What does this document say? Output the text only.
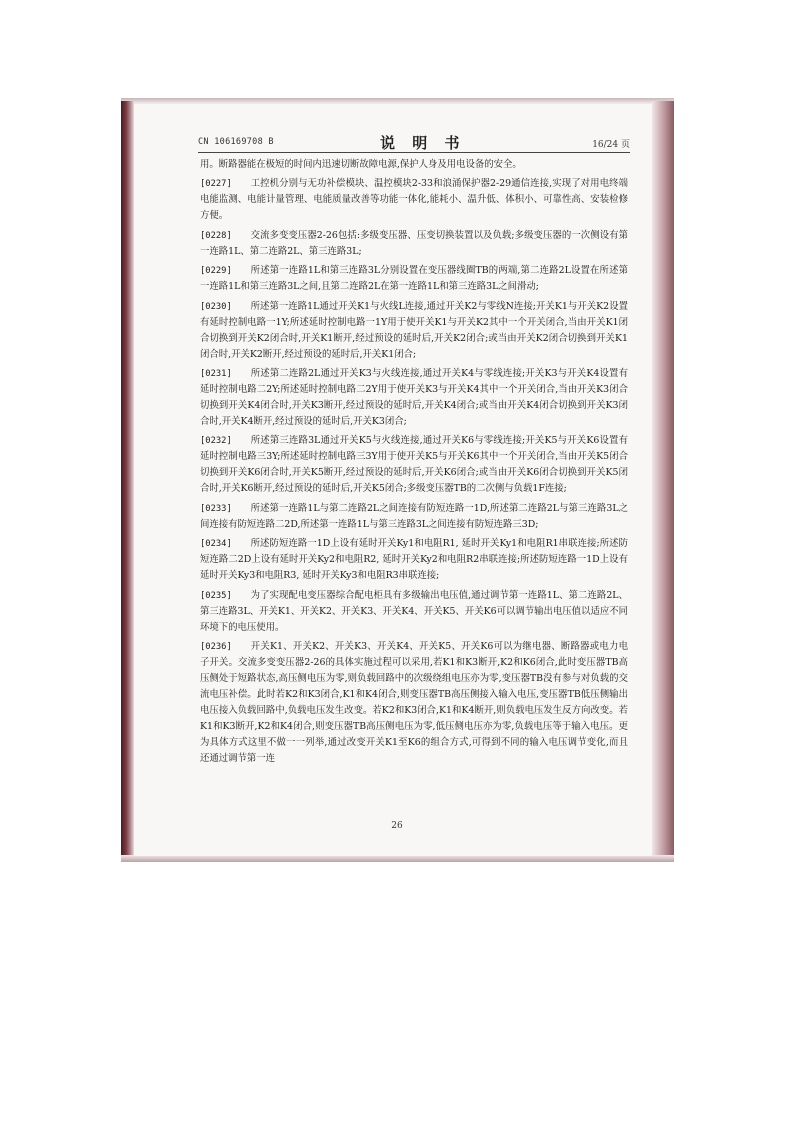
CN 106169708 B	说 明 书	16/24 页

用。断路器能在极短的时间内迅速切断故障电源,保护人身及用电设备的安全。

[0227]   工控机分别与无功补偿模块、温控模块2-33和浪涌保护器2-29通信连接,实现了对用电终端电能监测、电能计量管理、电能质量改善等功能一体化,能耗小、温升低、体积小、可靠性高、安装检修方便。

[0228]   交流多变变压器2-26包括:多级变压器、压变切换装置以及负载;多级变压器的一次侧设有第一连路1L、第二连路2L、第三连路3L;

[0229]   所述第一连路1L和第三连路3L分别设置在变压器线圈TB的两端,第二连路2L设置在所述第一连路1L和第三连路3L之间,且第二连路2L在第一连路1L和第三连路3L之间滑动;

[0230]   所述第一连路1L通过开关K1与火线L连接,通过开关K2与零线N连接;开关K1与开关K2设置有延时控制电路一1Y;所述延时控制电路一1Y用于使开关K1与开关K2其中一个开关闭合,当由开关K1闭合切换到开关K2闭合时,开关K1断开,经过预设的延时后,开关K2闭合;或当由开关K2闭合切换到开关K1闭合时,开关K2断开,经过预设的延时后,开关K1闭合;

[0231]   所述第二连路2L通过开关K3与火线连接,通过开关K4与零线连接;开关K3与开关K4设置有延时控制电路二2Y;所述延时控制电路二2Y用于使开关K3与开关K4其中一个开关闭合,当由开关K3闭合切换到开关K4闭合时,开关K3断开,经过预设的延时后,开关K4闭合;或当由开关K4闭合切换到开关K3闭合时,开关K4断开,经过预设的延时后,开关K3闭合;

[0232]   所述第三连路3L通过开关K5与火线连接,通过开关K6与零线连接;开关K5与开关K6设置有延时控制电路三3Y;所述延时控制电路三3Y用于使开关K5与开关K6其中一个开关闭合,当由开关K5闭合切换到开关K6闭合时,开关K5断开,经过预设的延时后,开关K6闭合;或当由开关K6闭合切换到开关K5闭合时,开关K6断开,经过预设的延时后,开关K5闭合;多级变压器TB的二次侧与负载1F连接;

[0233]   所述第一连路1L与第二连路2L之间连接有防短连路一1D,所述第二连路2L与第三连路3L之间连接有防短连路二2D,所述第一连路1L与第三连路3L之间连接有防短连路三3D;

[0234]   所述防短连路一1D上设有延时开关Ky1和电阻R1, 延时开关Ky1和电阻R1串联连接;所述防短连路二2D上设有延时开关Ky2和电阻R2, 延时开关Ky2和电阻R2串联连接;所述防短连路一1D上设有延时开关Ky3和电阻R3, 延时开关Ky3和电阻R3串联连接;

[0235]   为了实现配电变压器综合配电柜具有多级输出电压值,通过调节第一连路1L、第二连路2L、第三连路3L、开关K1、开关K2、开关K3、开关K4、开关K5、开关K6可以调节输出电压值以适应不同环境下的电压使用。

[0236]   开关K1、开关K2、开关K3、开关K4、开关K5、开关K6可以为继电器、断路器或电力电子开关。交流多变变压器2-26的具体实施过程可以采用,若K1和K3断开,K2和K6闭合,此时变压器TB高压侧处于短路状态,高压侧电压为零,则负载回路中的次级绕组电压亦为零,变压器TB没有参与对负载的交流电压补偿。此时若K2和K3闭合,K1和K4闭合,则变压器TB高压侧接入输入电压,变压器TB低压侧输出电压接入负载回路中,负载电压发生改变。若K2和K3闭合,K1和K4断开,则负载电压发生反方向改变。若K1和K3断开,K2和K4闭合,则变压器TB高压侧电压为零,低压侧电压亦为零,负载电压等于输入电压。更为具体方式这里不做一一列举,通过改变开关K1至K6的组合方式,可得到不同的输入电压调节变化,而且还通过调节第一连

26
